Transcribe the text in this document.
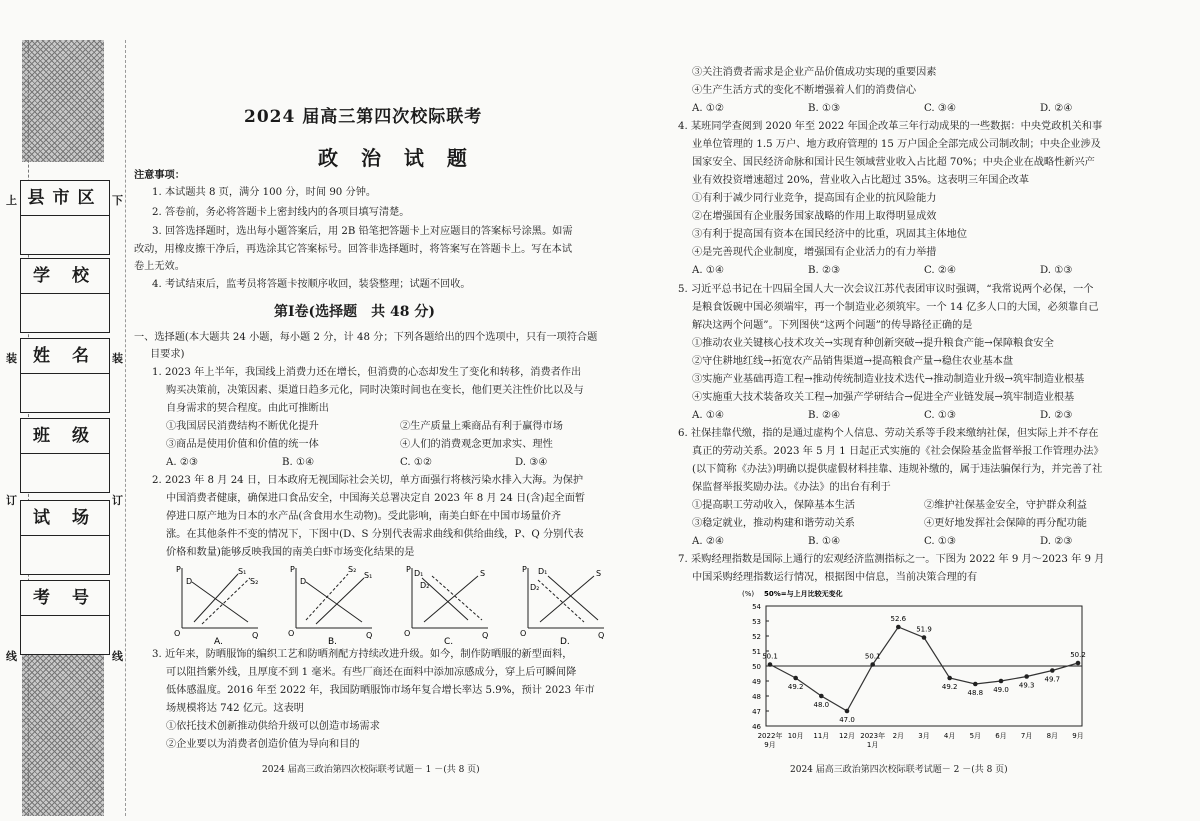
县市区
学 校
姓 名
班 级
试 场
考 号
上
装
订
线
下
装
订
线
2024 届高三第四次校际联考
政 治 试 题
注意事项：
1. 本试题共 8 页，满分 100 分，时间 90 分钟。
2. 答卷前，务必将答题卡上密封线内的各项目填写清楚。
3. 回答选择题时，选出每小题答案后，用 2B 铅笔把答题卡上对应题目的答案标号涂黑。如需
改动，用橡皮擦干净后，再选涂其它答案标号。回答非选择题时，将答案写在答题卡上。写在本试
卷上无效。
4. 考试结束后，监考员将答题卡按顺序收回，装袋整理；试题不回收。
第Ⅰ卷(选择题　共 48 分)
一、选择题(本大题共 24 小题，每小题 2 分，计 48 分；下列各题给出的四个选项中，只有一项符合题
目要求)
1. 2023 年上半年，我国线上消费力还在增长，但消费的心态却发生了变化和转移，消费者作出
购买决策前，决策因素、渠道日趋多元化，同时决策时间也在变长，他们更关注性价比以及与
自身需求的契合程度。由此可推断出
①我国居民消费结构不断优化提升	②生产质量上乘商品有利于赢得市场
③商品是使用价值和价值的统一体	④人们的消费观念更加求实、理性
A. ②③	B. ①④	C. ①②	D. ③④
2. 2023 年 8 月 24 日，日本政府无视国际社会关切，单方面强行将核污染水排入大海。为保护
中国消费者健康，确保进口食品安全，中国海关总署决定自 2023 年 8 月 24 日(含)起全面暂
停进口原产地为日本的水产品(含食用水生动物)。受此影响，南美白虾在中国市场量价齐
涨。在其他条件不变的情况下，下图中(D、S 分别代表需求曲线和供给曲线，P、Q 分别代表
价格和数量)能够反映我国的南美白虾市场变化结果的是
P
Q
O
D
S₁
S₂
A.
P
Q
O
D
S₁
S₂
B.
P
Q
O
D₁
D₂
S
C.
P
Q
O
D₁
D₂
S
D.
3. 近年来，防晒服饰的编织工艺和防晒剂配方持续改进升级。如今，制作防晒服的新型面料，
可以阻挡紫外线，且厚度不到 1 毫米。有些厂商还在面料中添加凉感成分，穿上后可瞬间降
低体感温度。2016 年至 2022 年，我国防晒服饰市场年复合增长率达 5.9%，预计 2023 年市
场规模将达 742 亿元。这表明
①依托技术创新推动供给升级可以创造市场需求
②企业要以为消费者创造价值为导向和目的
2024 届高三政治第四次校际联考试题－ 1 －(共 8 页)
③关注消费者需求是企业产品价值成功实现的重要因素
④生产生活方式的变化不断增强着人们的消费信心
A. ①②	B. ①③	C. ③④	D. ②④
4. 某班同学查阅到 2020 年至 2022 年国企改革三年行动成果的一些数据：中央党政机关和事
业单位管理的 1.5 万户、地方政府管理的 15 万户国企全部完成公司制改制；中央企业涉及
国家安全、国民经济命脉和国计民生领域营业收入占比超 70%；中央企业在战略性新兴产
业有效投资增速超过 20%，营业收入占比超过 35%。这表明三年国企改革
①有利于减少同行业竞争，提高国有企业的抗风险能力
②在增强国有企业服务国家战略的作用上取得明显成效
③有利于提高国有资本在国民经济中的比重，巩固其主体地位
④是完善现代企业制度，增强国有企业活力的有力举措
A. ①④	B. ②③	C. ②④	D. ①③
5. 习近平总书记在十四届全国人大一次会议江苏代表团审议时强调，“我常说两个必保，一个
是粮食饭碗中国必须端牢，再一个制造业必须筑牢。一个 14 亿多人口的大国，必须靠自己
解决这两个问题”。下列图侠“这两个问题”的传导路径正确的是
①推动农业关键核心技术攻关→实现育种创新突破→提升粮食产能→保障粮食安全
②守住耕地红线→拓宽农产品销售渠道→提高粮食产量→稳住农业基本盘
③实施产业基础再造工程→推动传统制造业技术迭代→推动制造业升级→筑牢制造业根基
④实施重大技术装备攻关工程→加强产学研结合→促进全产业链发展→筑牢制造业根基
A. ①④	B. ②④	C. ①③	D. ②③
6. 社保挂靠代缴，指的是通过虚构个人信息、劳动关系等手段来缴纳社保，但实际上并不存在
真正的劳动关系。2023 年 5 月 1 日起正式实施的《社会保险基金监督举报工作管理办法》
(以下简称《办法》)明确以提供虚假材料挂靠、违规补缴的，属于违法骗保行为，并完善了社
保监督举报奖励办法。《办法》的出台有利于
①提高职工劳动收入，保障基本生活	②维护社保基金安全，守护群众利益
③稳定就业，推动构建和谐劳动关系	④更好地发挥社会保障的再分配功能
A. ②④	B. ①④	C. ①③	D. ②③
7. 采购经理指数是国际上通行的宏观经济监测指标之一。下图为 2022 年 9 月～2023 年 9 月
中国采购经理指数运行情况，根据图中信息，当前决策合理的有
46
47
48
49
50
51
52
53
54
(%) 50%=与上月比较无变化
50.1
49.2
48.0
47.0
50.1
52.6
51.9
49.2
48.8 49.0
49.3
49.7
50.2
2022年
9月
10月 11月 12月 2023年
1月
2月 3月 4月 5月 6月 7月 8月 9月
2024 届高三政治第四次校际联考试题－ 2 －(共 8 页)
